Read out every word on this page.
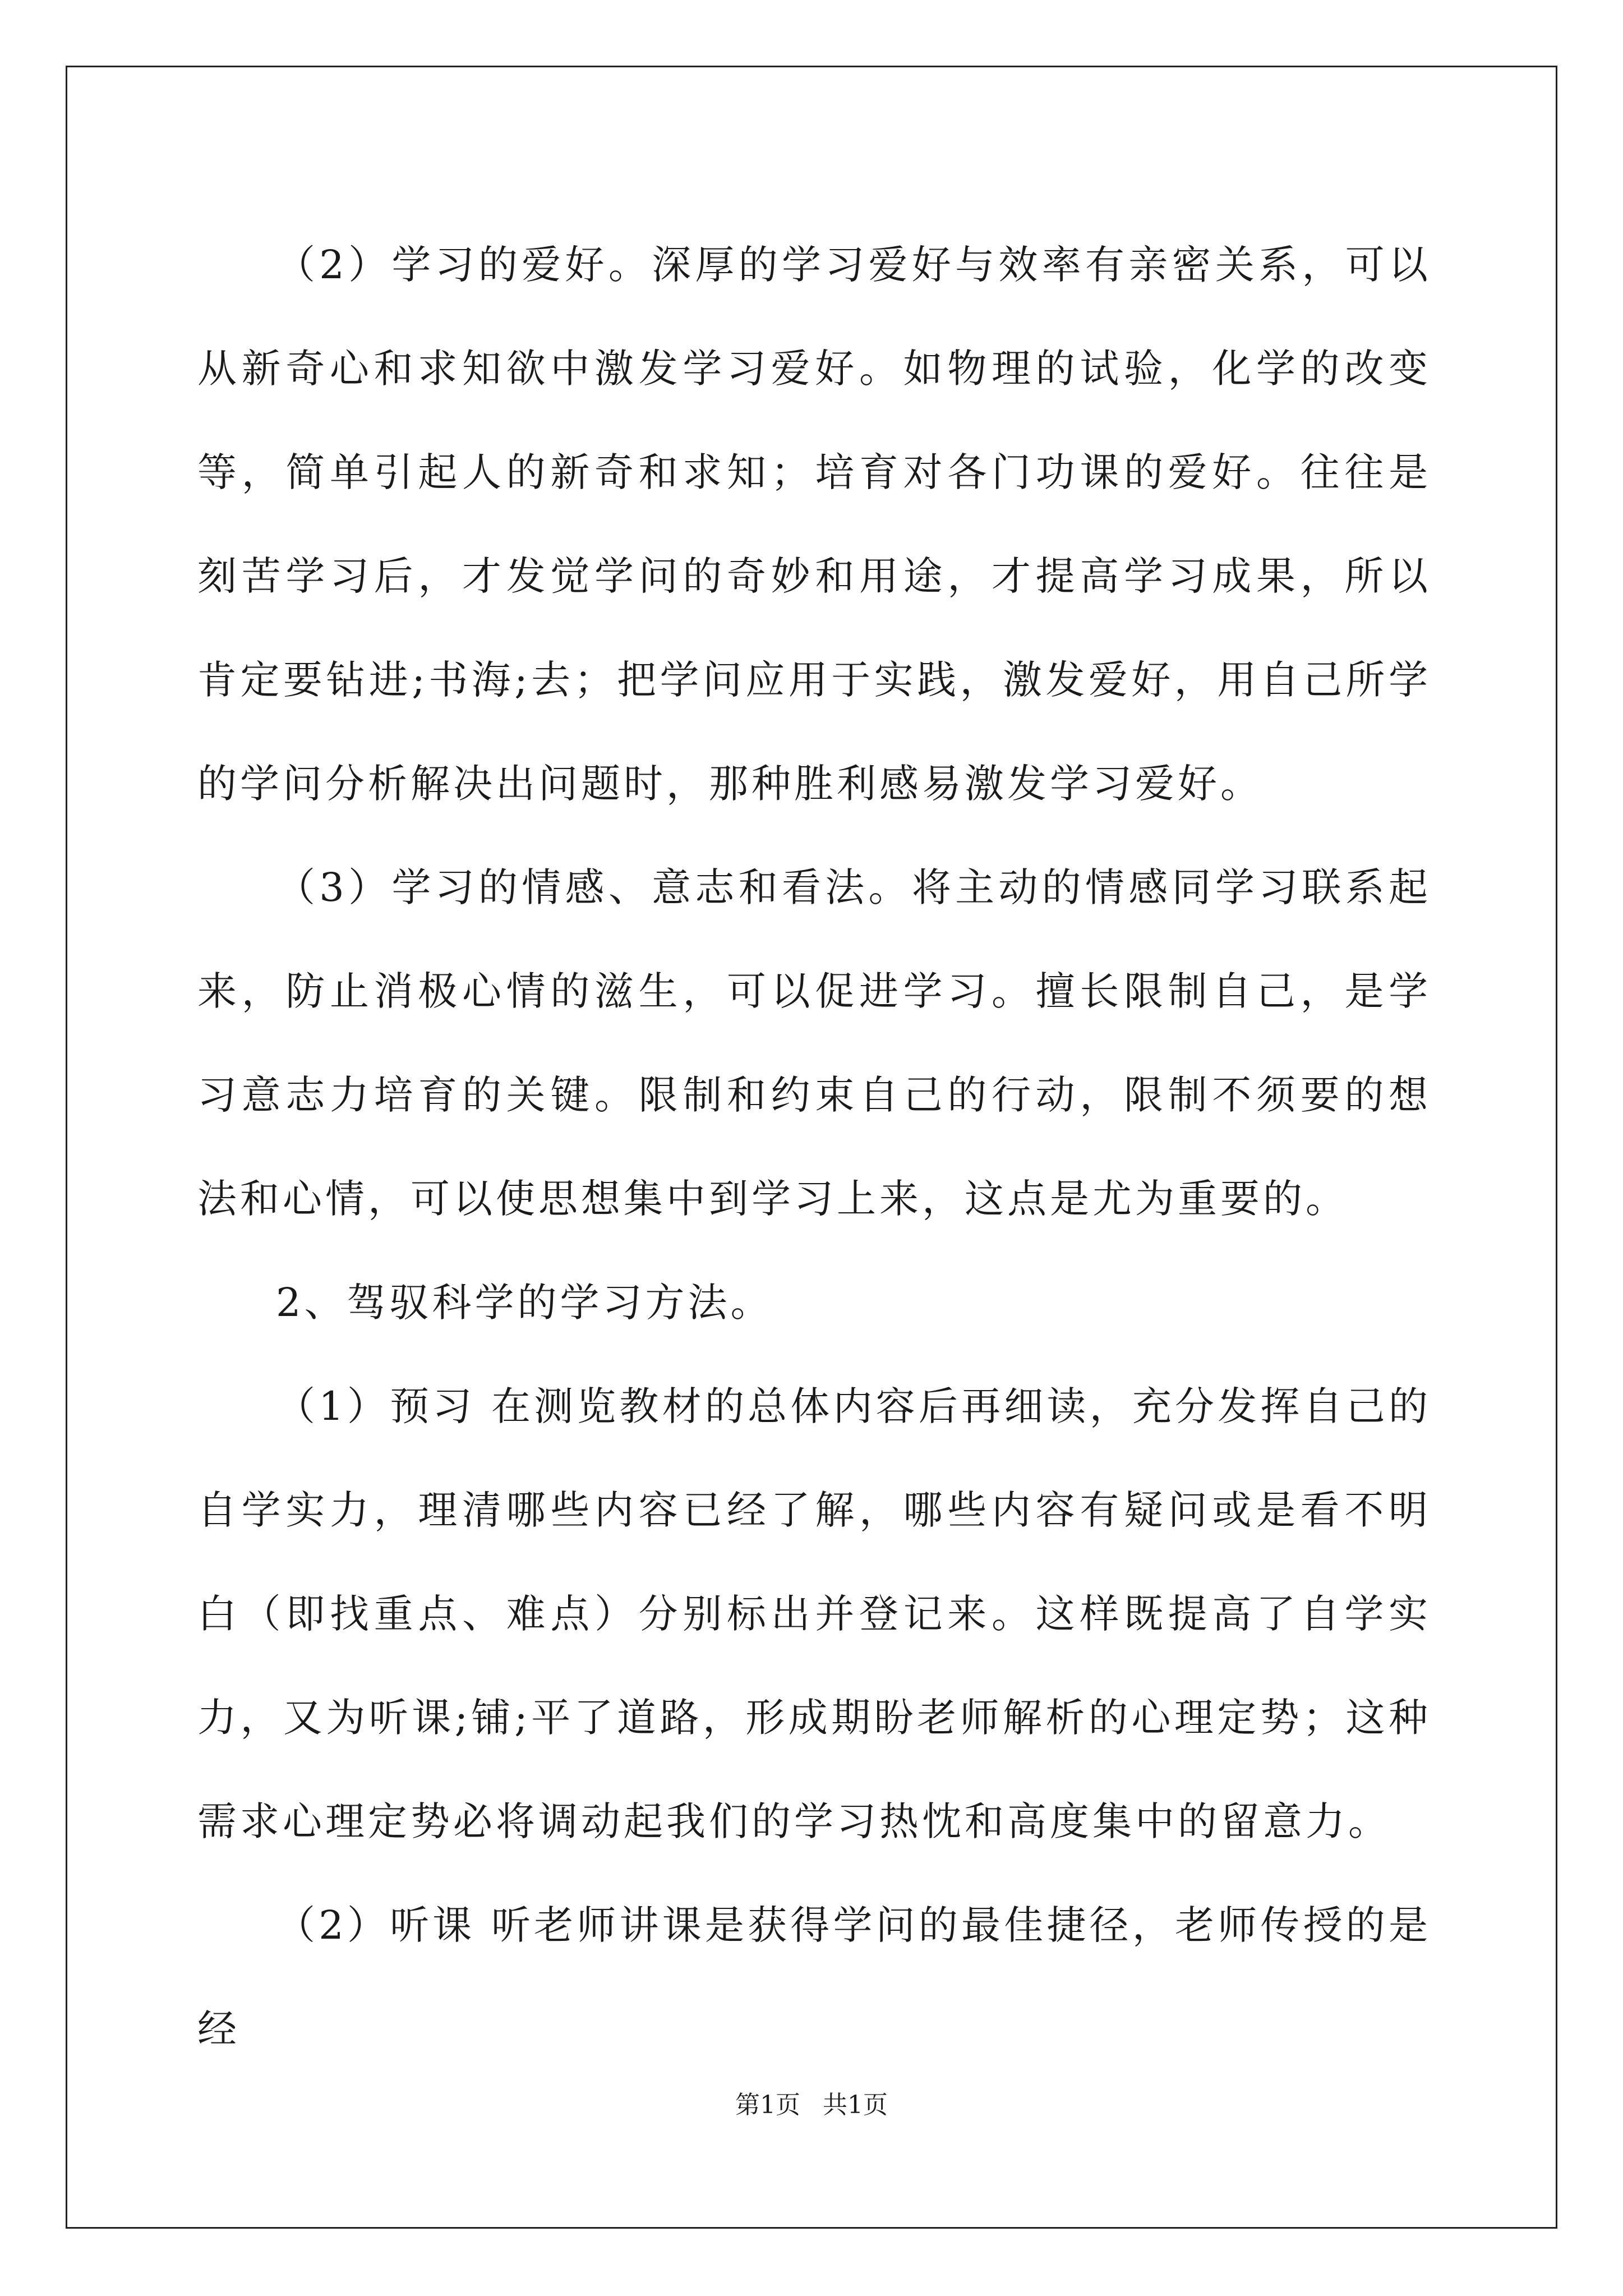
（2）学习的爱好。深厚的学习爱好与效率有亲密关系，可以从新奇心和求知欲中激发学习爱好。如物理的试验，化学的改变等，简单引起人的新奇和求知；培育对各门功课的爱好。往往是刻苦学习后，才发觉学问的奇妙和用途，才提高学习成果，所以肯定要钻进;书海;去；把学问应用于实践，激发爱好，用自己所学的学问分析解决出问题时，那种胜利感易激发学习爱好。

（3）学习的情感、意志和看法。将主动的情感同学习联系起来，防止消极心情的滋生，可以促进学习。擅长限制自己，是学习意志力培育的关键。限制和约束自己的行动，限制不须要的想法和心情，可以使思想集中到学习上来，这点是尤为重要的。

2、驾驭科学的学习方法。

（1）预习 在测览教材的总体内容后再细读，充分发挥自己的自学实力，理清哪些内容已经了解，哪些内容有疑问或是看不明白（即找重点、难点）分别标出并登记来。这样既提高了自学实力，又为听课;铺;平了道路，形成期盼老师解析的心理定势；这种需求心理定势必将调动起我们的学习热忱和高度集中的留意力。

（2）听课 听老师讲课是获得学问的最佳捷径，老师传授的是经

第1页 共1页
